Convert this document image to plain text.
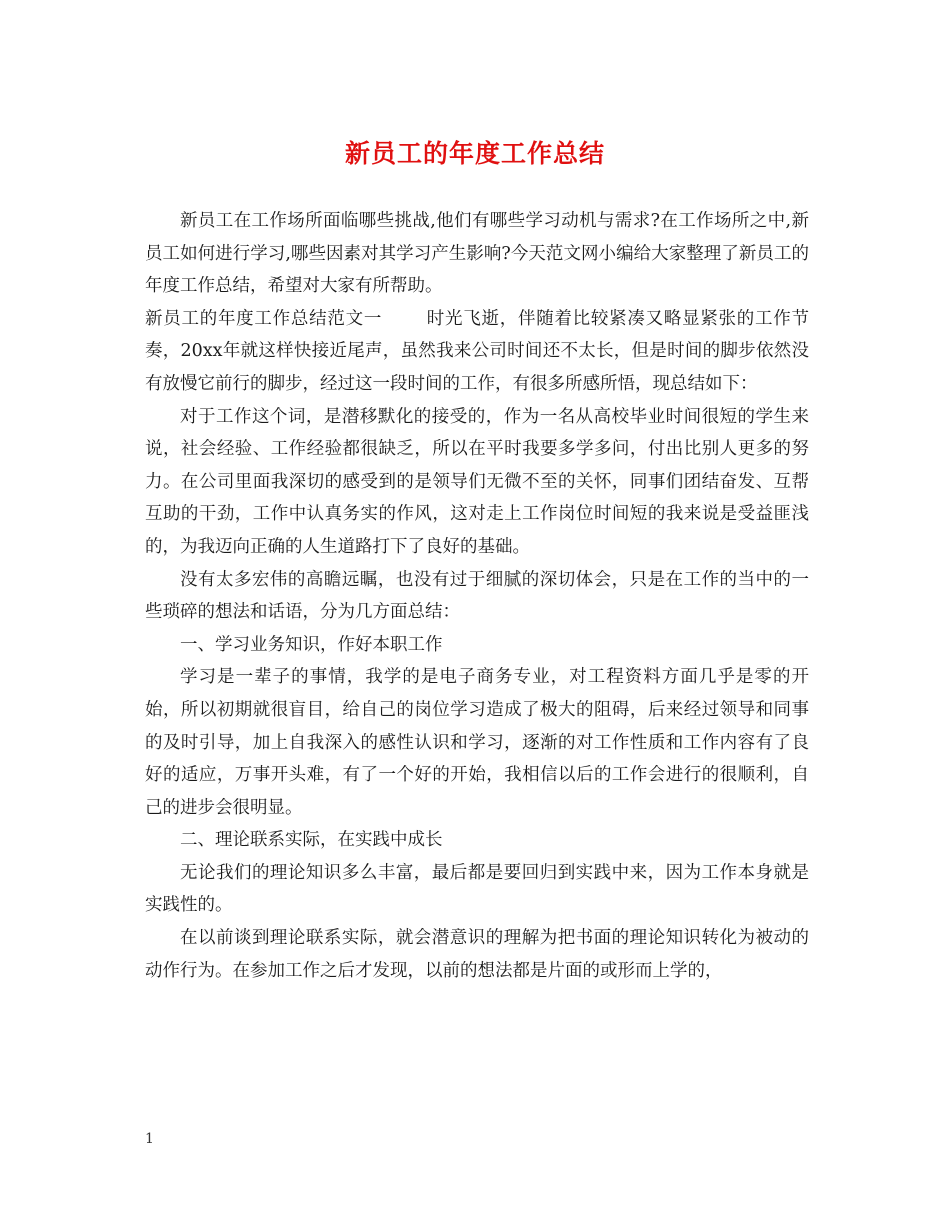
新员工的年度工作总结

新员工在工作场所面临哪些挑战,他们有哪些学习动机与需求?在工作场所之中,新员工如何进行学习,哪些因素对其学习产生影响?今天范文网小编给大家整理了新员工的年度工作总结，希望对大家有所帮助。

新员工的年度工作总结范文一	时光飞逝，伴随着比较紧凑又略显紧张的工作节奏，20xx年就这样快接近尾声，虽然我来公司时间还不太长，但是时间的脚步依然没有放慢它前行的脚步，经过这一段时间的工作，有很多所感所悟，现总结如下：

对于工作这个词，是潜移默化的接受的，作为一名从高校毕业时间很短的学生来说，社会经验、工作经验都很缺乏，所以在平时我要多学多问，付出比别人更多的努力。在公司里面我深切的感受到的是领导们无微不至的关怀，同事们团结奋发、互帮互助的干劲，工作中认真务实的作风，这对走上工作岗位时间短的我来说是受益匪浅的，为我迈向正确的人生道路打下了良好的基础。

没有太多宏伟的高瞻远瞩，也没有过于细腻的深切体会，只是在工作的当中的一些琐碎的想法和话语，分为几方面总结：

一、学习业务知识，作好本职工作

学习是一辈子的事情，我学的是电子商务专业，对工程资料方面几乎是零的开始，所以初期就很盲目，给自己的岗位学习造成了极大的阻碍，后来经过领导和同事的及时引导，加上自我深入的感性认识和学习，逐渐的对工作性质和工作内容有了良好的适应，万事开头难，有了一个好的开始，我相信以后的工作会进行的很顺利，自己的进步会很明显。

二、理论联系实际，在实践中成长

无论我们的理论知识多么丰富，最后都是要回归到实践中来，因为工作本身就是实践性的。

在以前谈到理论联系实际，就会潜意识的理解为把书面的理论知识转化为被动的动作行为。在参加工作之后才发现，以前的想法都是片面的或形而上学的，

1
